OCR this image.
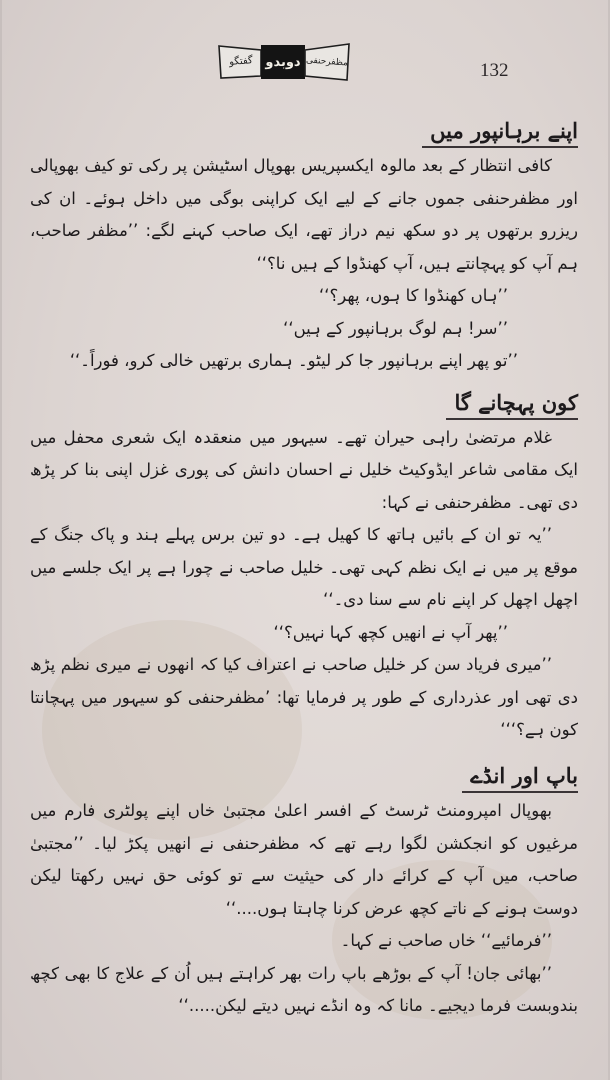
گفتگو دوبدو مظفرحنفی	132
اپنے برہانپور میں

کافی انتظار کے بعد مالوہ ایکسپریس بھوپال اسٹیشن پر رکی تو کیف بھوپالی اور مظفرحنفی جموں جانے کے لیے ایک کراپنی بوگی میں داخل ہوئے۔ ان کی ریزرو برتھوں پر دو سکھ نیم دراز تھے، ایک صاحب کہنے لگے: ’’مظفر صاحب، ہم آپ کو پہچانتے ہیں، آپ کھنڈوا کے ہیں نا؟‘‘

’’ہاں کھنڈوا کا ہوں، پھر؟‘‘

’’سر! ہم لوگ برہانپور کے ہیں‘‘

’’تو پھر اپنے برہانپور جا کر لیٹو۔ ہماری برتھیں خالی کرو، فوراً۔‘‘

کون پہچانے گا

غلام مرتضیٰ راہی حیران تھے۔ سیہور میں منعقدہ ایک شعری محفل میں ایک مقامی شاعر ایڈوکیٹ خلیل نے احسان دانش کی پوری غزل اپنی بنا کر پڑھ دی تھی۔ مظفرحنفی نے کہا:

’’یہ تو ان کے بائیں ہاتھ کا کھیل ہے۔ دو تین برس پہلے ہند و پاک جنگ کے موقع پر میں نے ایک نظم کہی تھی۔ خلیل صاحب نے چورا ہے پر ایک جلسے میں اچھل اچھل کر اپنے نام سے سنا دی۔‘‘

’’پھر آپ نے انھیں کچھ کہا نہیں؟‘‘

’’میری فریاد سن کر خلیل صاحب نے اعتراف کیا کہ انھوں نے میری نظم پڑھ دی تھی اور عذرداری کے طور پر فرمایا تھا: ’مظفرحنفی کو سیہور میں پہچانتا کون ہے؟‘‘‘

باپ اور انڈے

بھوپال امپرومنٹ ٹرسٹ کے افسر اعلیٰ مجتبیٰ خاں اپنے پولٹری فارم میں مرغیوں کو انجکشن لگوا رہے تھے کہ مظفرحنفی نے انھیں پکڑ لیا۔ ’’مجتبیٰ صاحب، میں آپ کے کرائے دار کی حیثیت سے تو کوئی حق نہیں رکھتا لیکن دوست ہونے کے ناتے کچھ عرض کرنا چاہتا ہوں....‘‘

’’فرمائیے‘‘ خاں صاحب نے کہا۔

’’بھائی جان! آپ کے بوڑھے باپ رات بھر کراہتے ہیں اُن کے علاج کا بھی کچھ بندوبست فرما دیجیے۔ مانا کہ وہ انڈے نہیں دیتے لیکن.....‘‘
